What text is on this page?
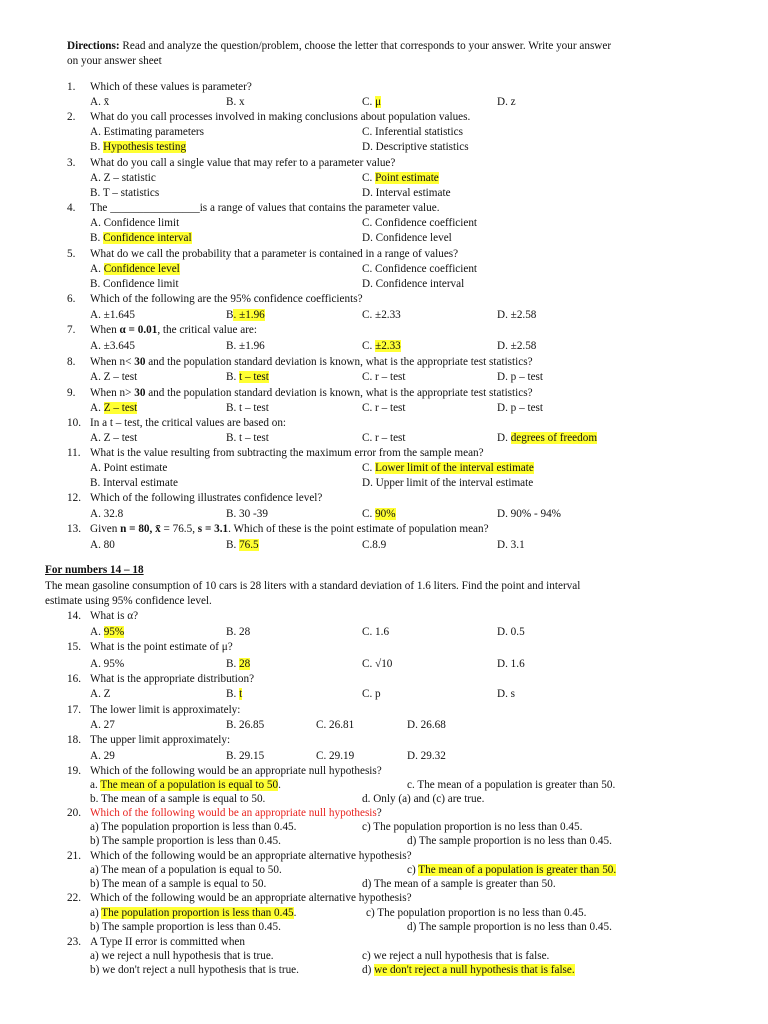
Directions: Read and analyze the question/problem, choose the letter that corresponds to your answer. Write your answer
on your answer sheet
1. Which of these values is parameter?
A. x̄	B. x	C. μ	D. z
2. What do you call processes involved in making conclusions about population values.
A. Estimating parameters	C. Inferential statistics
B. Hypothesis testing	D. Descriptive statistics
3. What do you call a single value that may refer to a parameter value?
A. Z – statistic	C. Point estimate
B. T – statistics	D. Interval estimate
4. The ________________is a range of values that contains the parameter value.
A. Confidence limit	C. Confidence coefficient
B. Confidence interval	D. Confidence level
5. What do we call the probability that a parameter is contained in a range of values?
A. Confidence level	C. Confidence coefficient
B. Confidence limit	D. Confidence interval
6. Which of the following are the 95% confidence coefficients?
A. ±1.645	B. ±1.96	C. ±2.33	D. ±2.58
7. When α = 0.01, the critical value are:
A. ±3.645	B. ±1.96	C. ±2.33	D. ±2.58
8. When n< 30 and the population standard deviation is known, what is the appropriate test statistics?
A. Z – test	B. t – test	C. r – test	D. p – test
9. When n> 30 and the population standard deviation is known, what is the appropriate test statistics?
A. Z – test	B. t – test	C. r – test	D. p – test
10. In a t – test, the critical values are based on:
A. Z – test	B. t – test	C. r – test	D. degrees of freedom
11. What is the value resulting from subtracting the maximum error from the sample mean?
A. Point estimate	C. Lower limit of the interval estimate
B. Interval estimate	D. Upper limit of the interval estimate
12. Which of the following illustrates confidence level?
A. 32.8	B. 30 -39	C. 90%	D. 90% - 94%
13. Given n = 80, x̄ = 76.5, s = 3.1. Which of these is the point estimate of population mean?
A. 80	B. 76.5	C.8.9	D. 3.1
For numbers 14 – 18
The mean gasoline consumption of 10 cars is 28 liters with a standard deviation of 1.6 liters. Find the point and interval
estimate using 95% confidence level.
14. What is α?
A. 95%	B. 28	C. 1.6	D. 0.5
15. What is the point estimate of μ?
A. 95%	B. 28	C. √10	D. 1.6
16. What is the appropriate distribution?
A. Z	B. t	C. p	D. s
17. The lower limit is approximately:
A. 27	B. 26.85	C. 26.81	D. 26.68
18. The upper limit approximately:
A. 29	B. 29.15	C. 29.19	D. 29.32
19. Which of the following would be an appropriate null hypothesis?
a. The mean of a population is equal to 50.	c. The mean of a population is greater than 50.
b. The mean of a sample is equal to 50.	d. Only (a) and (c) are true.
20. Which of the following would be an appropriate null hypothesis?
a) The population proportion is less than 0.45.	c) The population proportion is no less than 0.45.
b) The sample proportion is less than 0.45.	d) The sample proportion is no less than 0.45.
21. Which of the following would be an appropriate alternative hypothesis?
a) The mean of a population is equal to 50.	c) The mean of a population is greater than 50.
b) The mean of a sample is equal to 50.	d) The mean of a sample is greater than 50.
22. Which of the following would be an appropriate alternative hypothesis?
a) The population proportion is less than 0.45.	c) The population proportion is no less than 0.45.
b) The sample proportion is less than 0.45.	d) The sample proportion is no less than 0.45.
23. A Type II error is committed when
a) we reject a null hypothesis that is true.	c) we reject a null hypothesis that is false.
b) we don't reject a null hypothesis that is true.	d) we don't reject a null hypothesis that is false.
